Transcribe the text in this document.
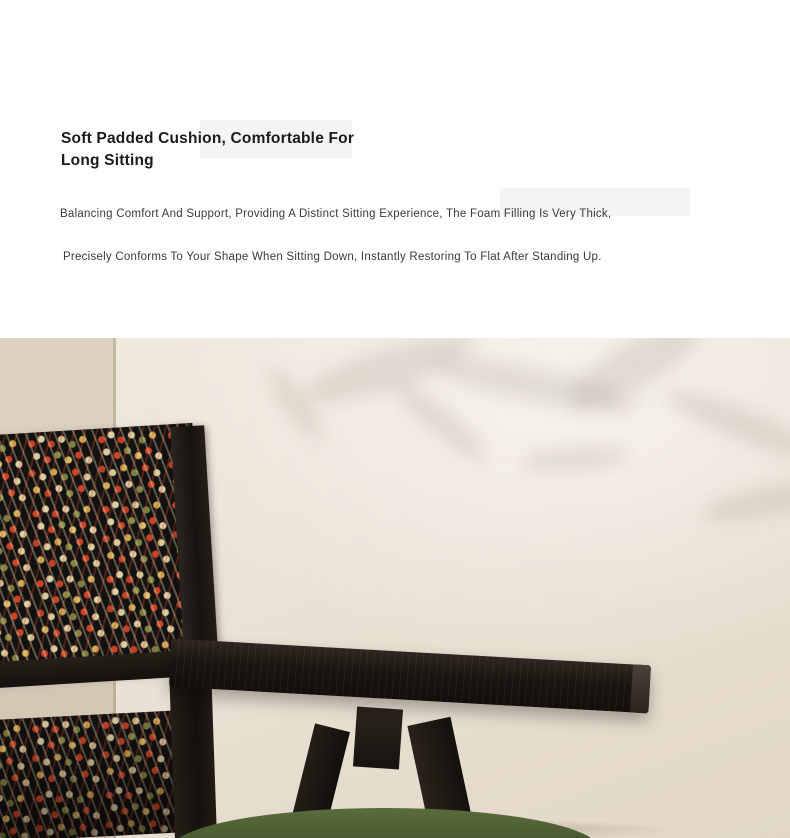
Soft Padded Cushion, Comfortable For Long Sitting

Balancing Comfort And Support, Providing A Distinct Sitting Experience, The Foam Filling Is Very Thick,

Precisely Conforms To Your Shape When Sitting Down, Instantly Restoring To Flat After Standing Up.
